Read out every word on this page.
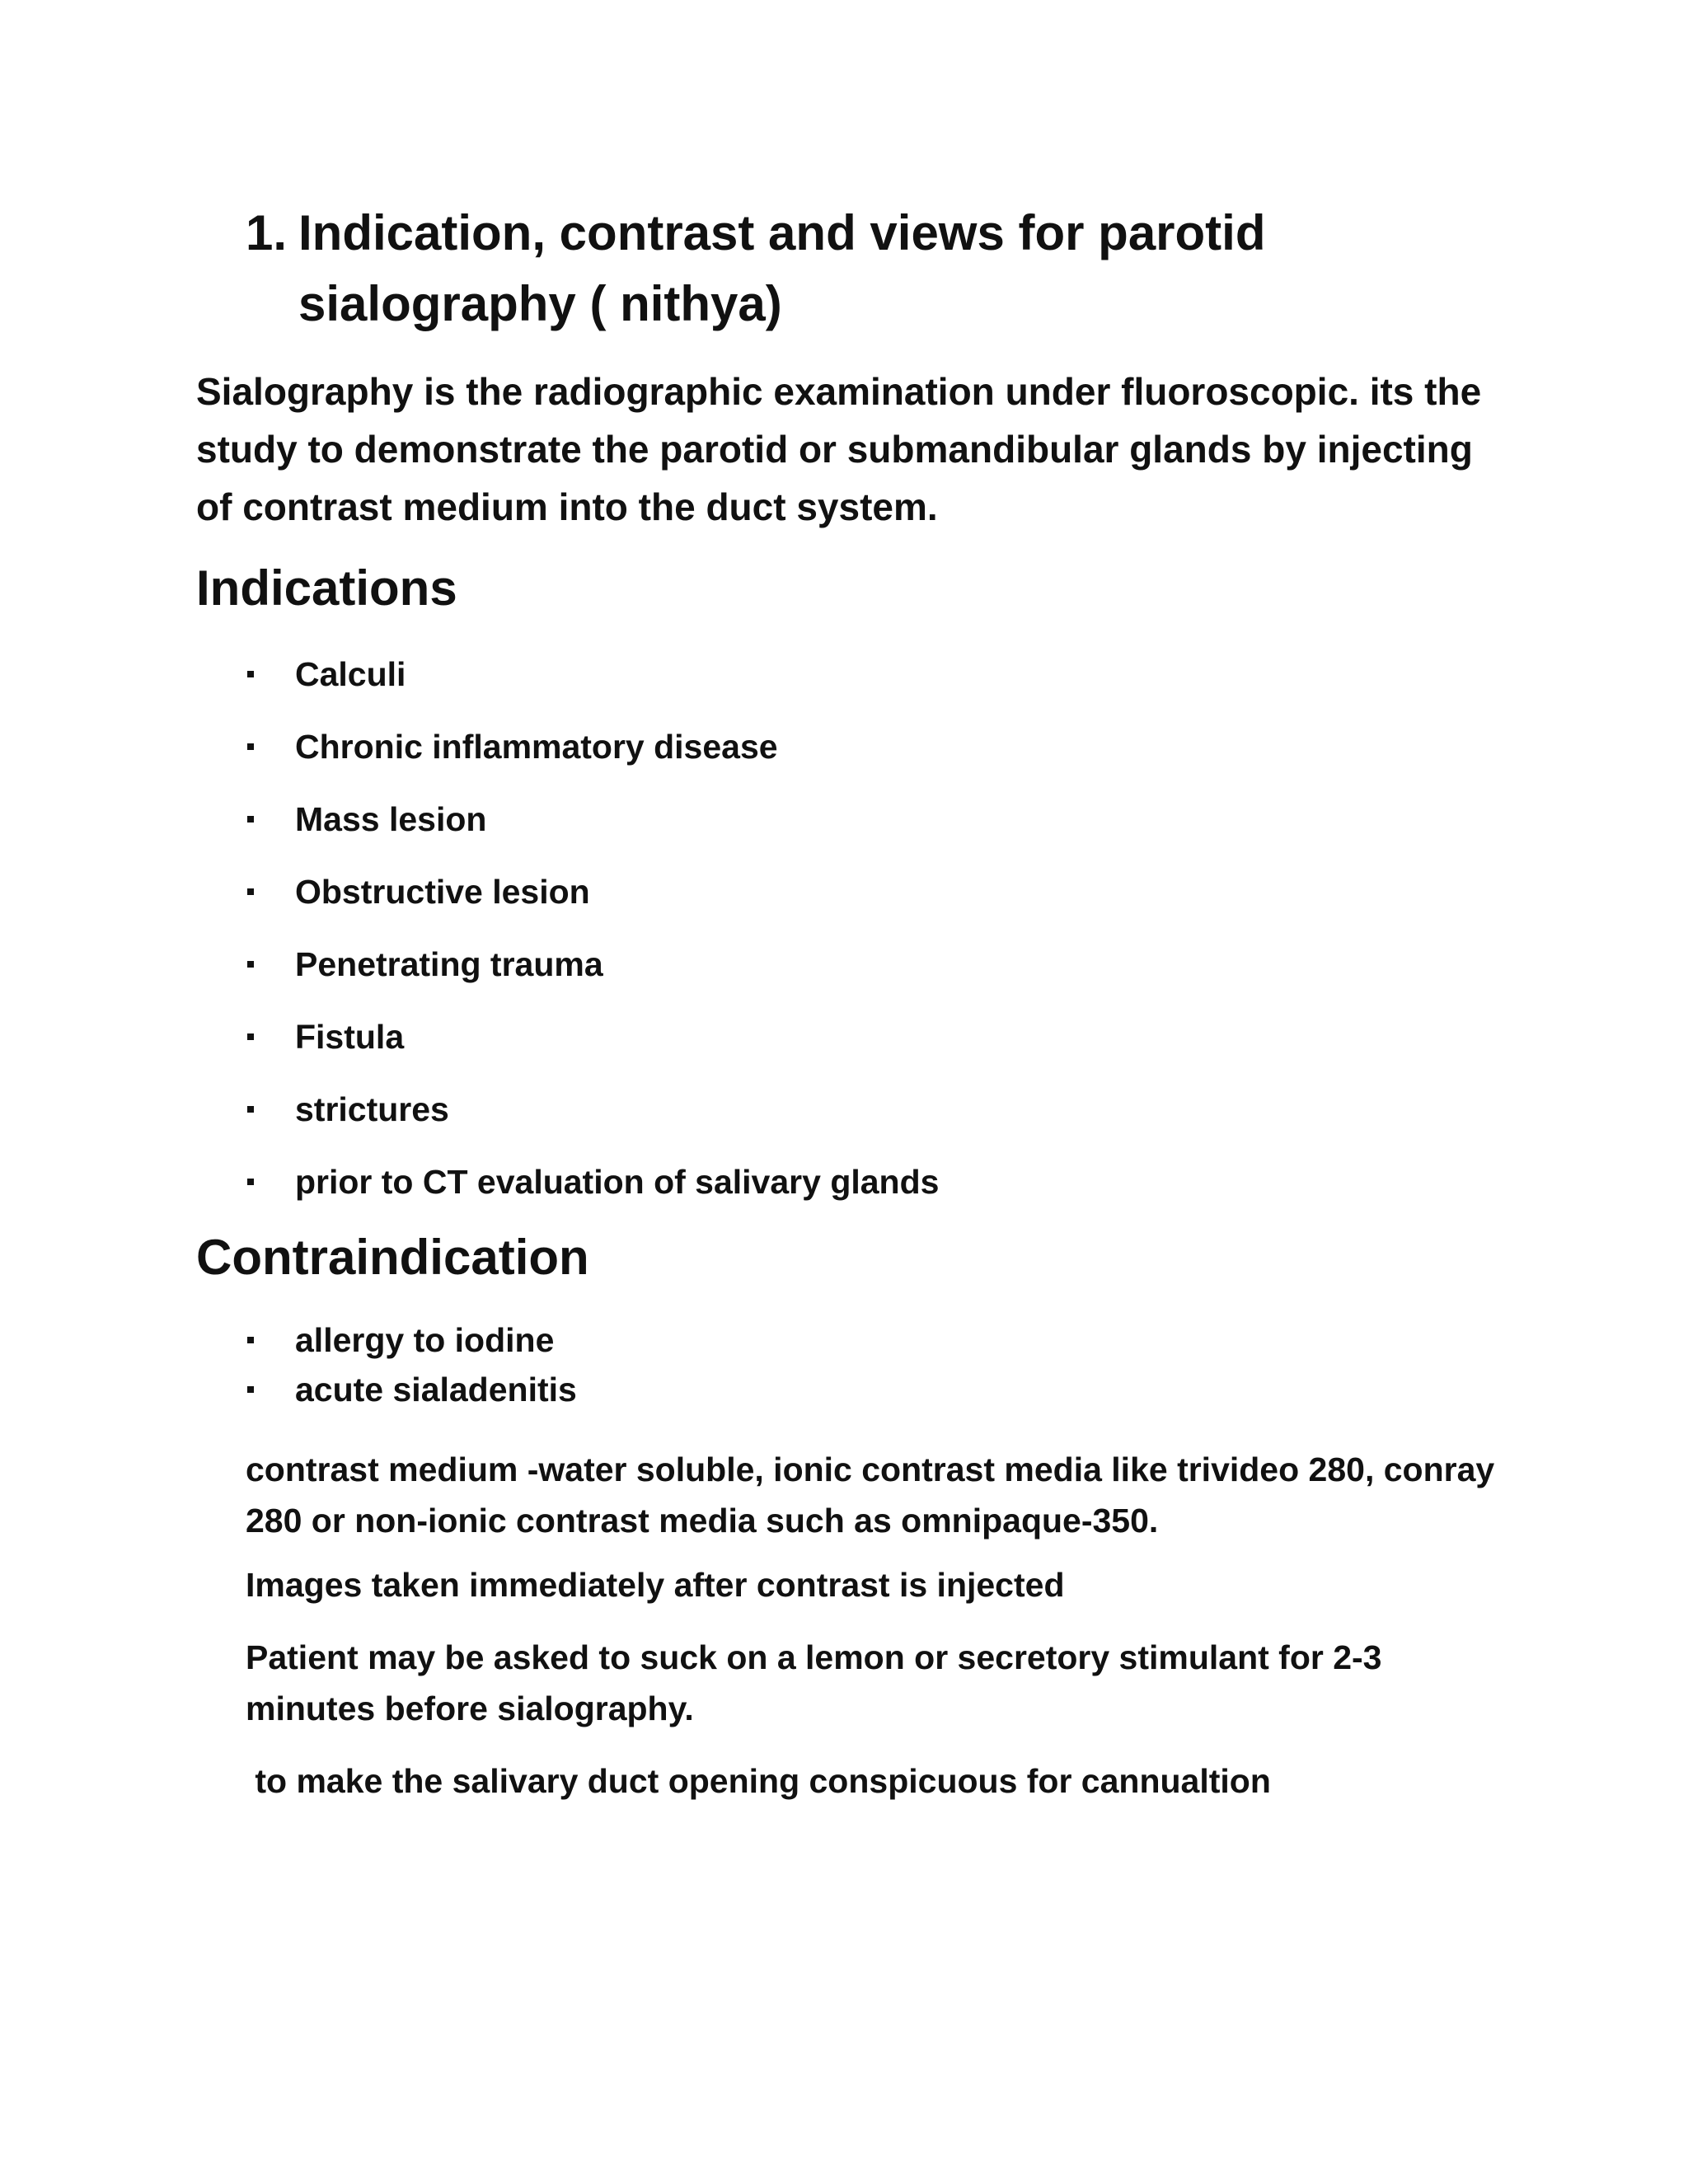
1. Indication, contrast and views for parotid sialography ( nithya)

Sialography is the radiographic examination under fluoroscopic. its the study to demonstrate the parotid or submandibular glands by injecting of contrast medium into the duct system.

Indications
Calculi
Chronic inflammatory disease
Mass lesion
Obstructive lesion
Penetrating trauma
Fistula
strictures
prior to CT evaluation of salivary glands
Contraindication
allergy to iodine
acute sialadenitis

contrast medium -water soluble, ionic contrast media like trivideo 280, conray 280 or non-ionic contrast media such as omnipaque-350.

Images taken immediately after contrast is injected

Patient may be asked to suck on a lemon or secretory stimulant for 2-3 minutes before sialography.

to make the salivary duct opening conspicuous for cannualtion
